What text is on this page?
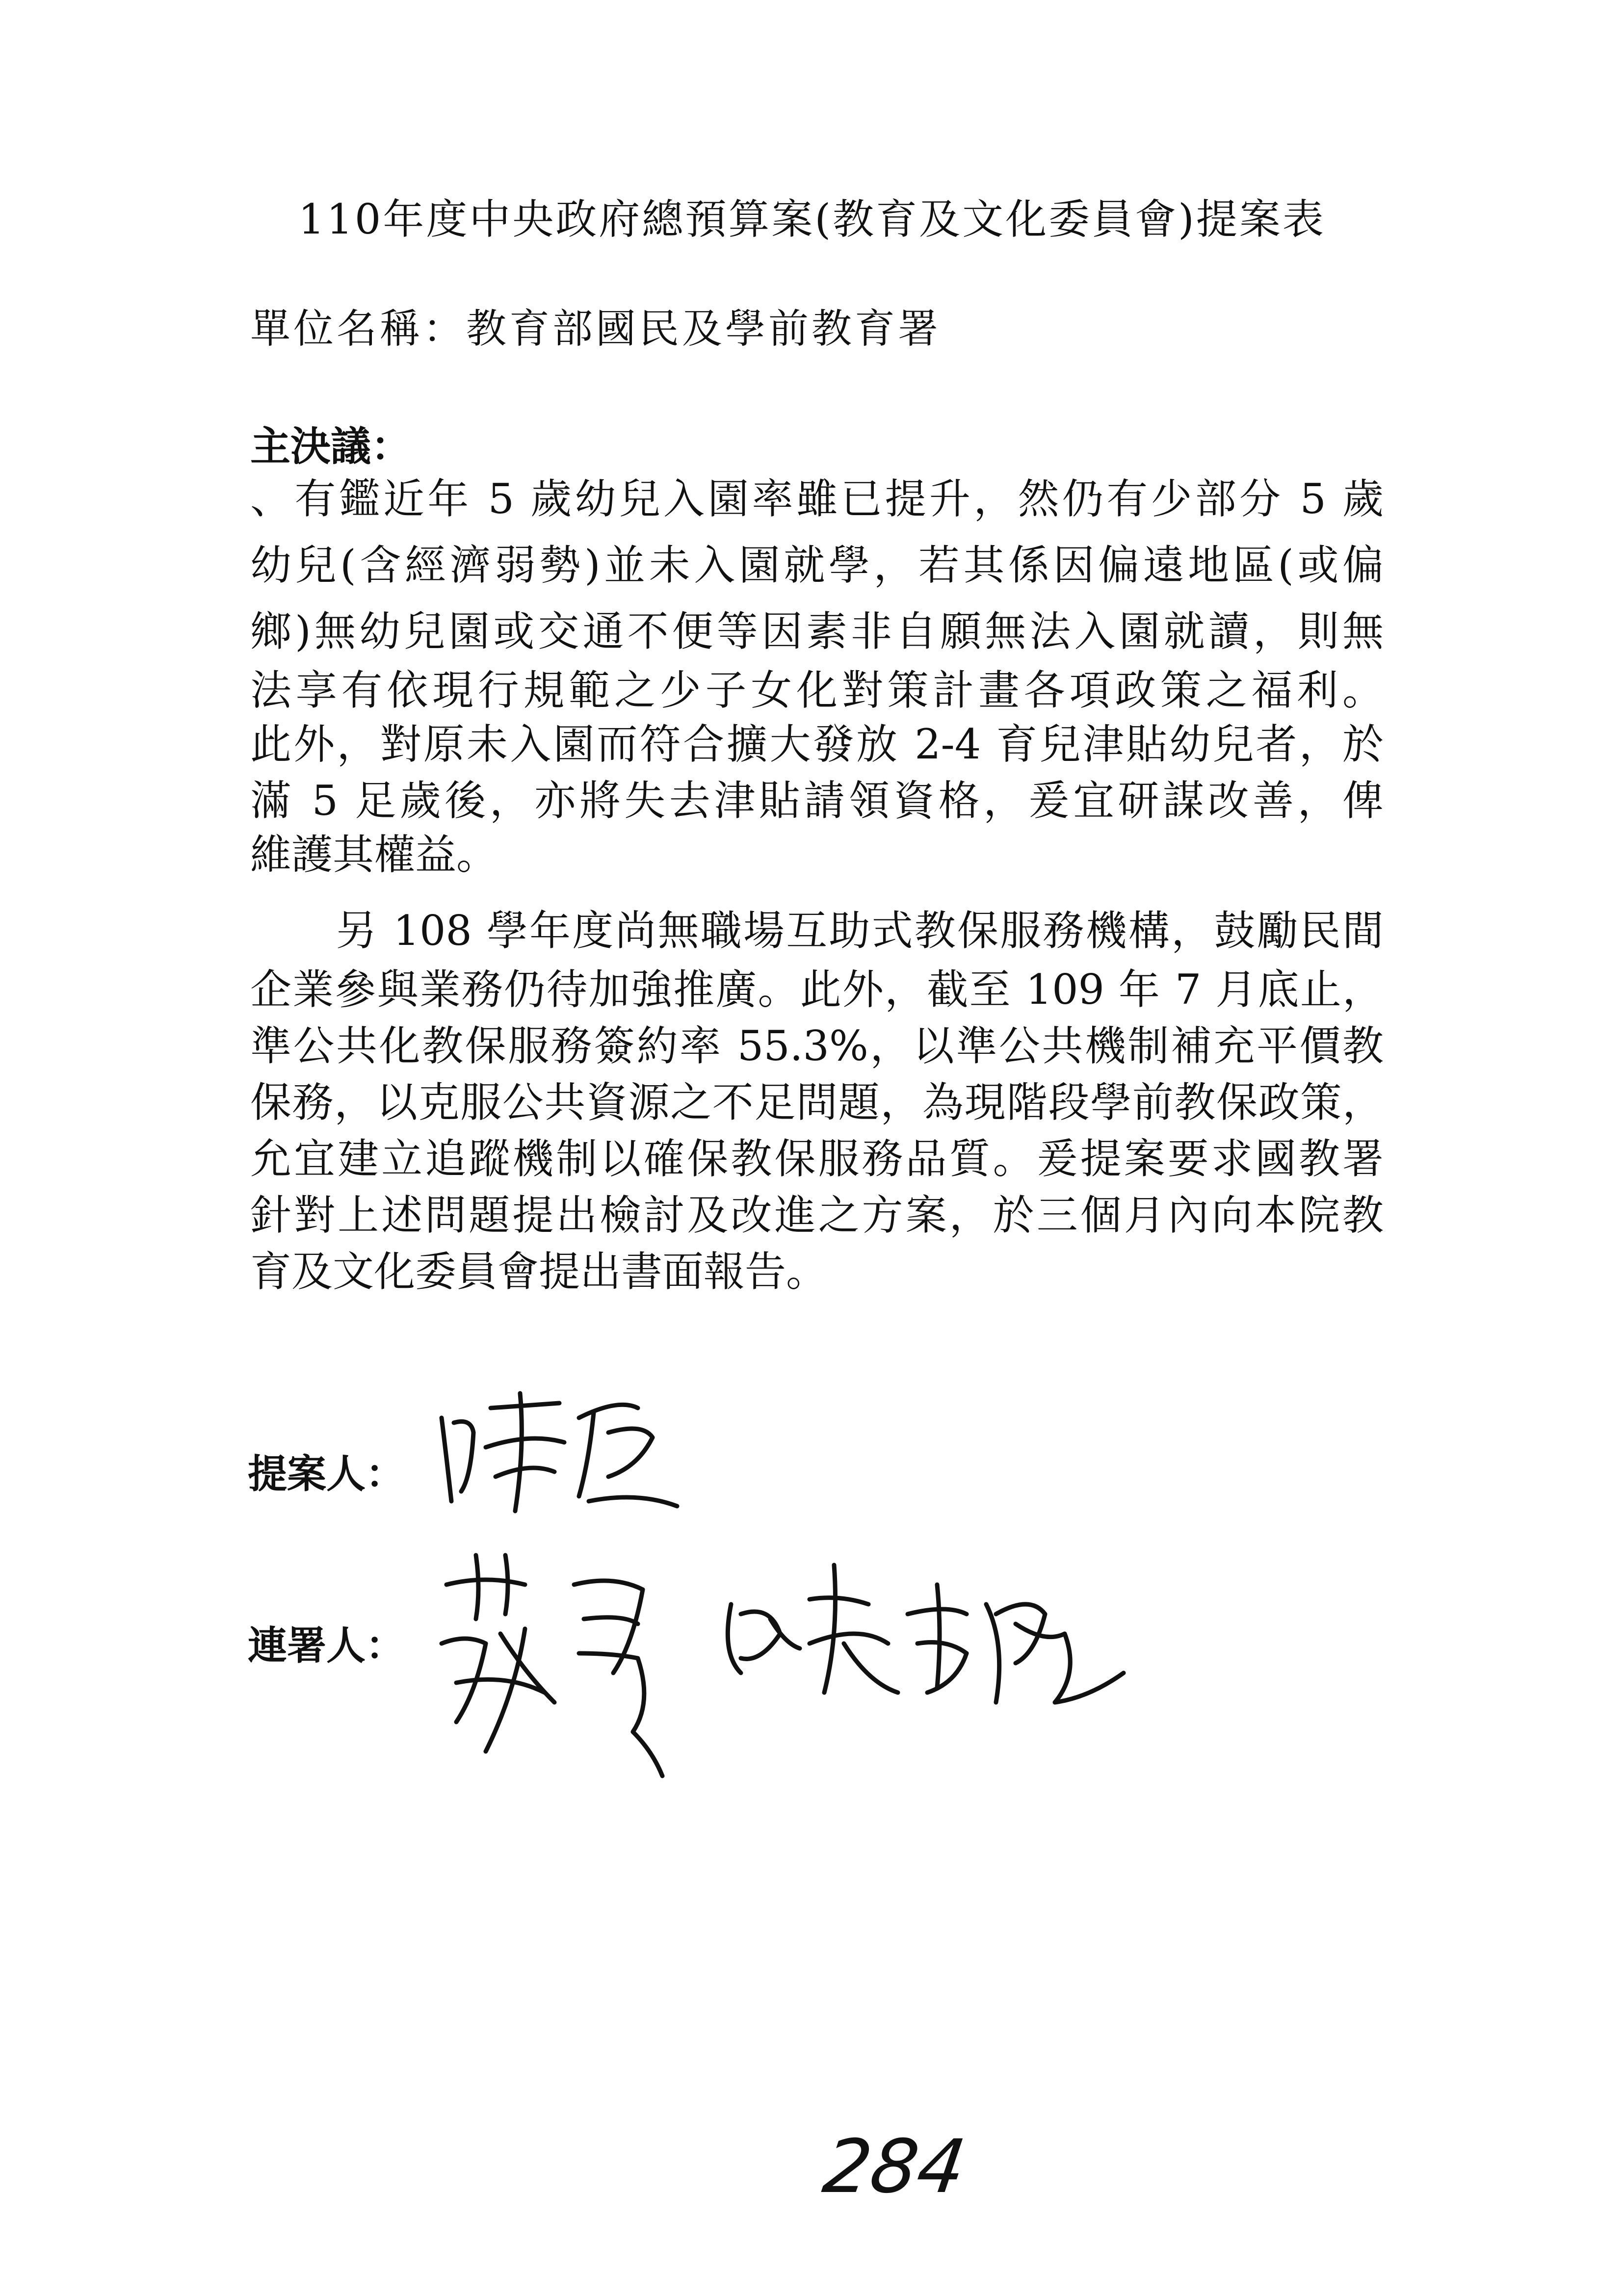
110年度中央政府總預算案(教育及文化委員會)提案表
單位名稱：教育部國民及學前教育署
主決議：
、有鑑近年 5 歲幼兒入園率雖已提升，然仍有少部分 5 歲
幼兒(含經濟弱勢)並未入園就學，若其係因偏遠地區(或偏
鄉)無幼兒園或交通不便等因素非自願無法入園就讀，則無
法享有依現行規範之少子女化對策計畫各項政策之福利。
此外，對原未入園而符合擴大發放 2-4 育兒津貼幼兒者，於
滿 5 足歲後，亦將失去津貼請領資格，爰宜研謀改善，俾
維護其權益。
　　另 108 學年度尚無職場互助式教保服務機構，鼓勵民間
企業參與業務仍待加強推廣。此外，截至 109 年 7 月底止，
準公共化教保服務簽約率 55.3%，以準公共機制補充平價教
保務，以克服公共資源之不足問題，為現階段學前教保政策，
允宜建立追蹤機制以確保教保服務品質。爰提案要求國教署
針對上述問題提出檢討及改進之方案，於三個月內向本院教
育及文化委員會提出書面報告。
提案人：
連署人：
284
